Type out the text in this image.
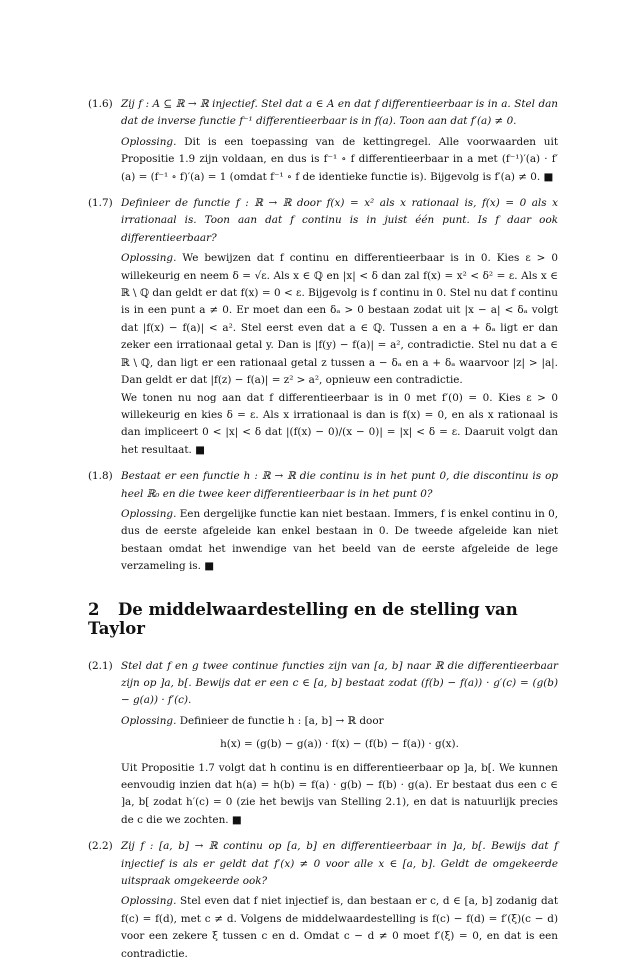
(1.6) Zij f : A ⊆ ℝ → ℝ injectief. Stel dat a ∈ A en dat f differentieerbaar is in a. Stel dan dat de inverse functie f⁻¹ differentieerbaar is in f(a). Toon aan dat f′(a) ≠ 0.

Oplossing. Dit is een toepassing van de kettingregel. Alle voorwaarden uit Propositie 1.9 zijn voldaan, en dus is f⁻¹ ∘ f differentieerbaar in a met (f⁻¹)′(a) · f′(a) = (f⁻¹ ∘ f)′(a) = 1 (omdat f⁻¹ ∘ f de identieke functie is). Bijgevolg is f′(a) ≠ 0. ■

(1.7) Definieer de functie f : ℝ → ℝ door f(x) = x² als x rationaal is, f(x) = 0 als x irrationaal is. Toon aan dat f continu is in juist één punt. Is f daar ook differentieerbaar?

Oplossing. We bewijzen dat f continu en differentieerbaar is in 0. Kies ε > 0 willekeurig en neem δ = √ε. Als x ∈ ℚ en |x| < δ dan zal f(x) = x² < δ² = ε. Als x ∈ ℝ \ ℚ dan geldt er dat f(x) = 0 < ε. Bijgevolg is f continu in 0. Stel nu dat f continu is in een punt a ≠ 0. Er moet dan een δₐ > 0 bestaan zodat uit |x − a| < δₐ volgt dat |f(x) − f(a)| < a². Stel eerst even dat a ∈ ℚ. Tussen a en a + δₐ ligt er dan zeker een irrationaal getal y. Dan is |f(y) − f(a)| = a², contradictie. Stel nu dat a ∈ ℝ \ ℚ, dan ligt er een rationaal getal z tussen a − δₐ en a + δₐ waarvoor |z| > |a|. Dan geldt er dat |f(z) − f(a)| = z² > a², opnieuw een contradictie.

We tonen nu nog aan dat f differentieerbaar is in 0 met f′(0) = 0. Kies ε > 0 willekeurig en kies δ = ε. Als x irrationaal is dan is f(x) = 0, en als x rationaal is dan impliceert 0 < |x| < δ dat |(f(x) − 0)/(x − 0)| = |x| < δ = ε. Daaruit volgt dan het resultaat. ■

(1.8) Bestaat er een functie h : ℝ → ℝ die continu is in het punt 0, die discontinu is op heel ℝ₀ en die twee keer differentieerbaar is in het punt 0?

Oplossing. Een dergelijke functie kan niet bestaan. Immers, f is enkel continu in 0, dus de eerste afgeleide kan enkel bestaan in 0. De tweede afgeleide kan niet bestaan omdat het inwendige van het beeld van de eerste afgeleide de lege verzameling is. ■

2 De middelwaardestelling en de stelling van Taylor
(2.1) Stel dat f en g twee continue functies zijn van [a, b] naar ℝ die differentieerbaar zijn op ]a, b[. Bewijs dat er een c ∈ [a, b] bestaat zodat (f(b) − f(a)) · g′(c) = (g(b) − g(a)) · f′(c).

Oplossing. Definieer de functie h : [a, b] → ℝ door

h(x) = (g(b) − g(a)) · f(x) − (f(b) − f(a)) · g(x).

Uit Propositie 1.7 volgt dat h continu is en differentieerbaar op ]a, b[. We kunnen eenvoudig inzien dat h(a) = h(b) = f(a) · g(b) − f(b) · g(a). Er bestaat dus een c ∈ ]a, b[ zodat h′(c) = 0 (zie het bewijs van Stelling 2.1), en dat is natuurlijk precies de c die we zochten. ■

(2.2) Zij f : [a, b] → ℝ continu op [a, b] en differentieerbaar in ]a, b[. Bewijs dat f injectief is als er geldt dat f′(x) ≠ 0 voor alle x ∈ [a, b]. Geldt de omgekeerde uitspraak omgekeerde ook?

Oplossing. Stel even dat f niet injectief is, dan bestaan er c, d ∈ [a, b] zodanig dat f(c) = f(d), met c ≠ d. Volgens de middelwaardestelling is f(c) − f(d) = f′(ξ)(c − d) voor een zekere ξ tussen c en d. Omdat c − d ≠ 0 moet f′(ξ) = 0, en dat is een contradictie.
